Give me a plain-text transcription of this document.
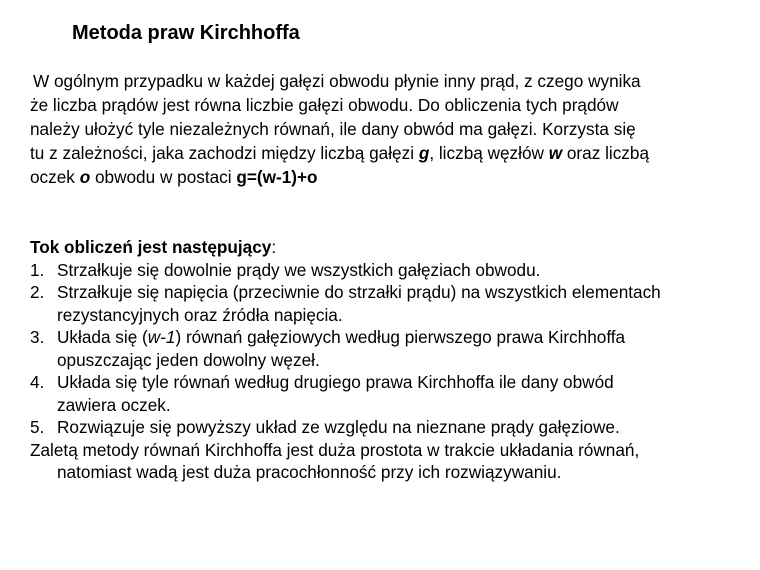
Metoda praw Kirchhoffa

W ogólnym przypadku w każdej gałęzi obwodu płynie inny prąd, z czego wynika
że liczba prądów jest równa liczbie gałęzi obwodu. Do obliczenia tych prądów
należy ułożyć tyle niezależnych równań, ile dany obwód ma gałęzi. Korzysta się
tu z zależności, jaka zachodzi między liczbą gałęzi g, liczbą węzłów w oraz liczbą
oczek o obwodu w postaci g=(w-1)+o

Tok obliczeń jest następujący:

1. Strzałkuje się dowolnie prądy we wszystkich gałęziach obwodu.
2. Strzałkuje się napięcia (przeciwnie do strzałki prądu) na wszystkich elementach
rezystancyjnych oraz źródła napięcia.
3. Układa się (w-1) równań gałęziowych według pierwszego prawa Kirchhoffa
opuszczając jeden dowolny węzeł.
4. Układa się tyle równań według drugiego prawa Kirchhoffa ile dany obwód
zawiera oczek.
5. Rozwiązuje się powyższy układ ze względu na nieznane prądy gałęziowe.

Zaletą metody równań Kirchhoffa jest duża prostota w trakcie układania równań,
natomiast wadą jest duża pracochłonność przy ich rozwiązywaniu.
